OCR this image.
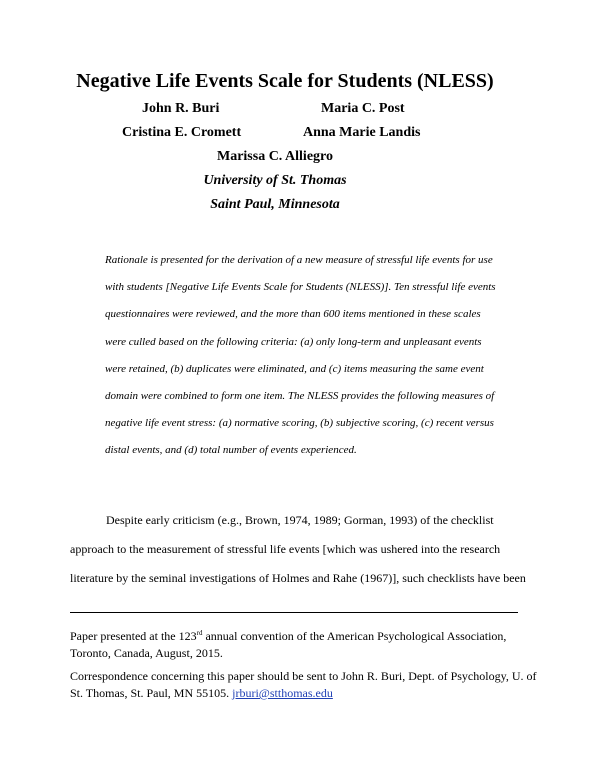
Negative Life Events Scale for Students (NLESS)
John R. Buri	Maria C. Post
Cristina E. Cromett	Anna Marie Landis
Marissa C. Alliegro
University of St. Thomas
Saint Paul, Minnesota
Rationale is presented for the derivation of a new measure of stressful life events for use
with students [Negative Life Events Scale for Students (NLESS)]. Ten stressful life events
questionnaires were reviewed, and the more than 600 items mentioned in these scales
were culled based on the following criteria: (a) only long-term and unpleasant events
were retained, (b) duplicates were eliminated, and (c) items measuring the same event
domain were combined to form one item. The NLESS provides the following measures of
negative life event stress: (a) normative scoring, (b) subjective scoring, (c) recent versus
distal events, and (d) total number of events experienced.
Despite early criticism (e.g., Brown, 1974, 1989; Gorman, 1993) of the checklist
approach to the measurement of stressful life events [which was ushered into the research
literature by the seminal investigations of Holmes and Rahe (1967)], such checklists have been
Paper presented at the 123rd annual convention of the American Psychological Association,
Toronto, Canada, August, 2015.
Correspondence concerning this paper should be sent to John R. Buri, Dept. of Psychology, U. of
St. Thomas, St. Paul, MN 55105. jrburi@stthomas.edu
